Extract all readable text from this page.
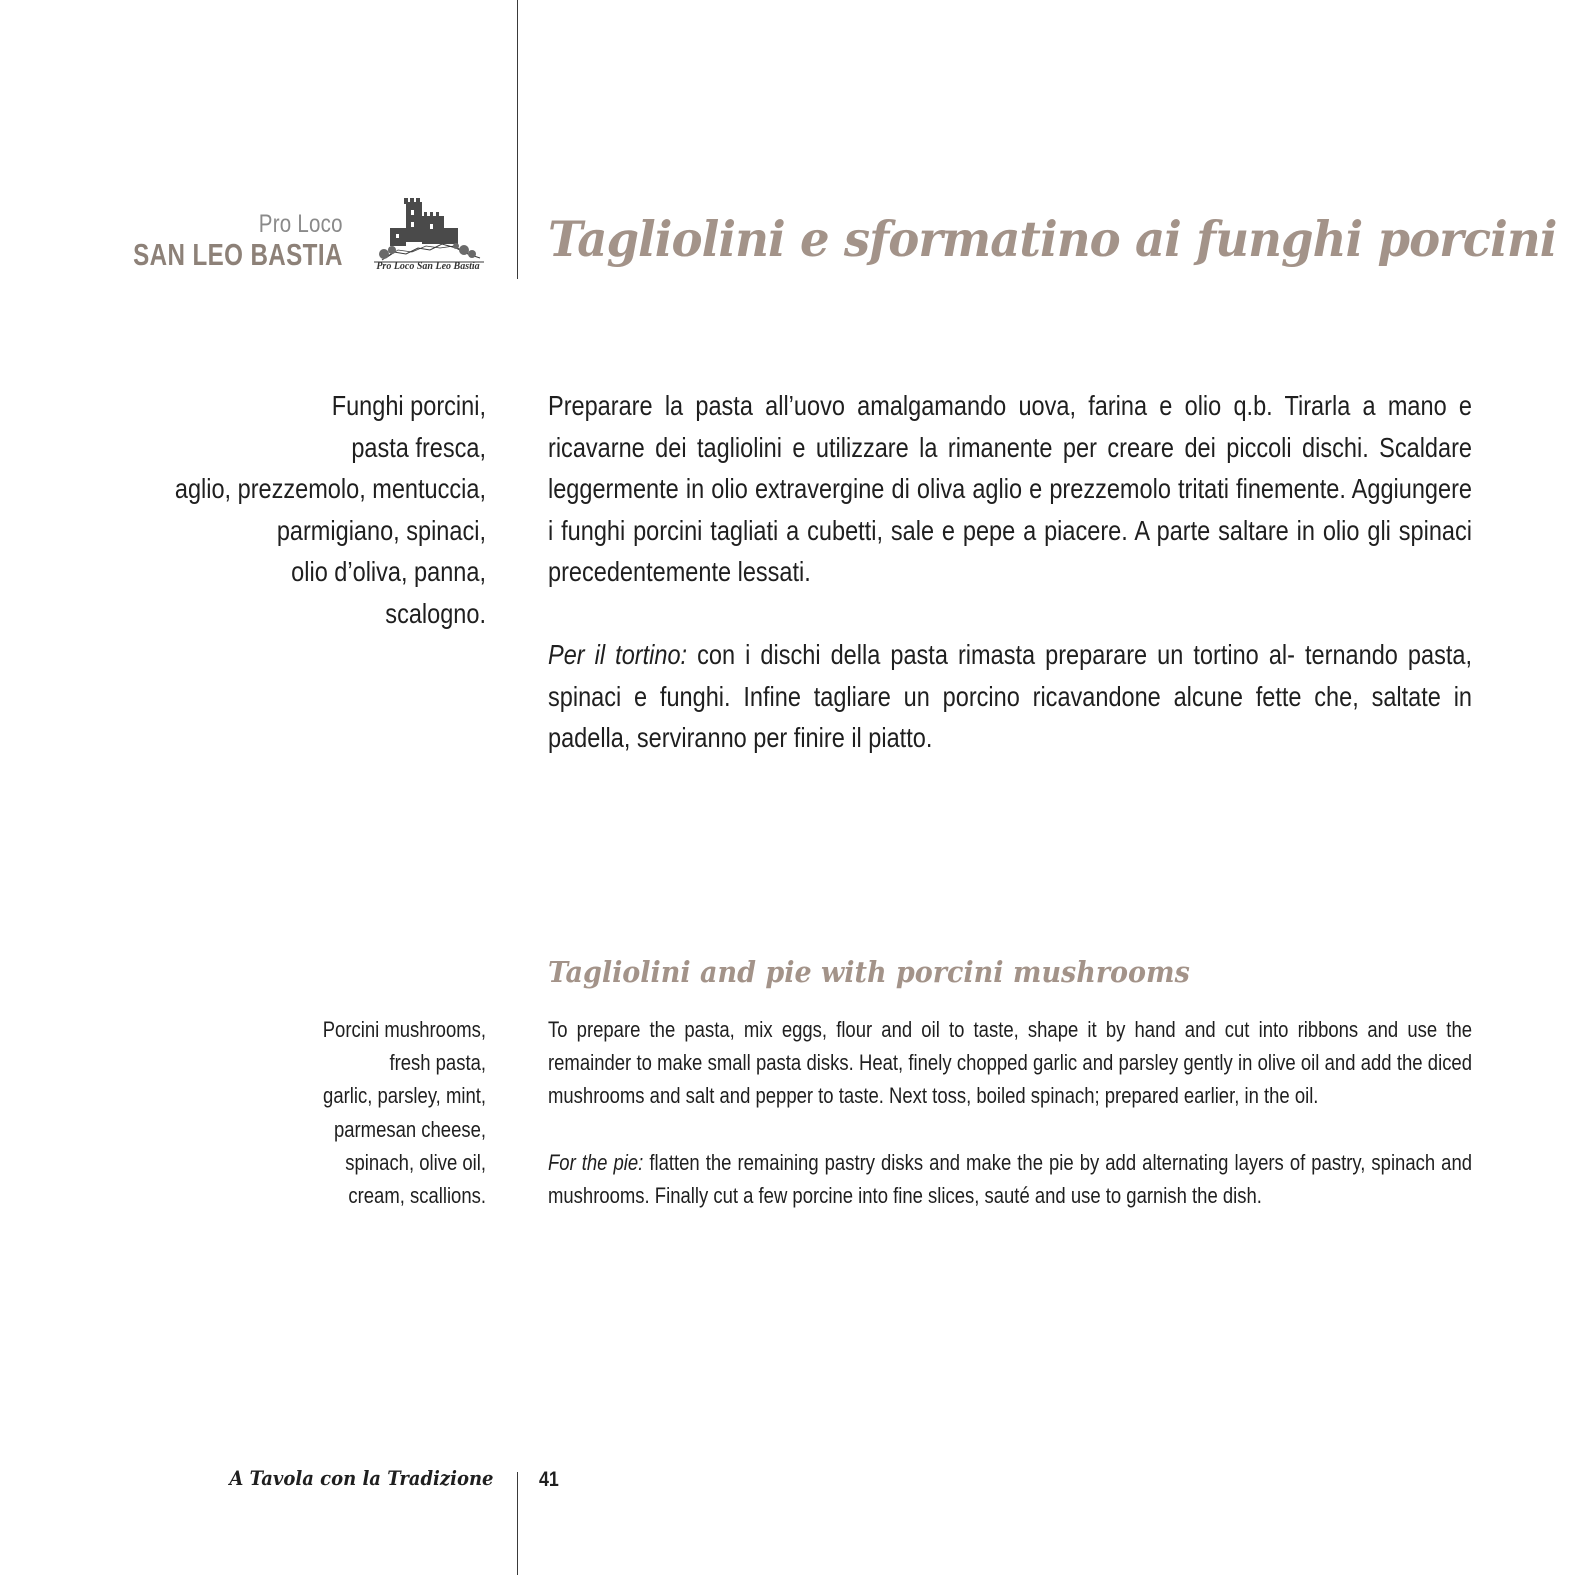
Pro Loco
SAN LEO BASTIA	Pro Loco San Leo Bastia Tagliolini e sformatino ai funghi porcini
Funghi porcini,
pasta fresca,
aglio, prezzemolo, mentuccia,
parmigiano, spinaci,
olio d’oliva, panna,
scalogno.

Preparare la pasta all’uovo amalgamando uova, farina e olio q.b. Tirarla a mano e ricavarne dei tagliolini e utilizzare la rimanente per creare dei piccoli dischi. Scaldare leggermente in olio extravergine di oliva aglio e prezzemolo tritati finemente. Aggiungere i funghi porcini tagliati a cubetti, sale e pepe a piacere. A parte saltare in olio gli spinaci precedentemente lessati.

Per il tortino: con i dischi della pasta rimasta preparare un tortino al- ternando pasta, spinaci e funghi. Infine tagliare un porcino ricavandone alcune fette che, saltate in padella, serviranno per finire il piatto.

Tagliolini and pie with porcini mushrooms
Porcini mushrooms,
fresh pasta,
garlic, parsley, mint,
parmesan cheese,
spinach, olive oil,
cream, scallions.

To prepare the pasta, mix eggs, flour and oil to taste, shape it by hand and cut into ribbons and use the remainder to make small pasta disks. Heat, finely chopped garlic and parsley gently in olive oil and add the diced mushrooms and salt and pepper to taste. Next toss, boiled spinach; prepared earlier, in the oil.

For the pie: flatten the remaining pastry disks and make the pie by add alternating layers of pastry, spinach and mushrooms. Finally cut a few porcine into fine slices, sauté and use to garnish the dish.

A Tavola con la Tradizione 41
